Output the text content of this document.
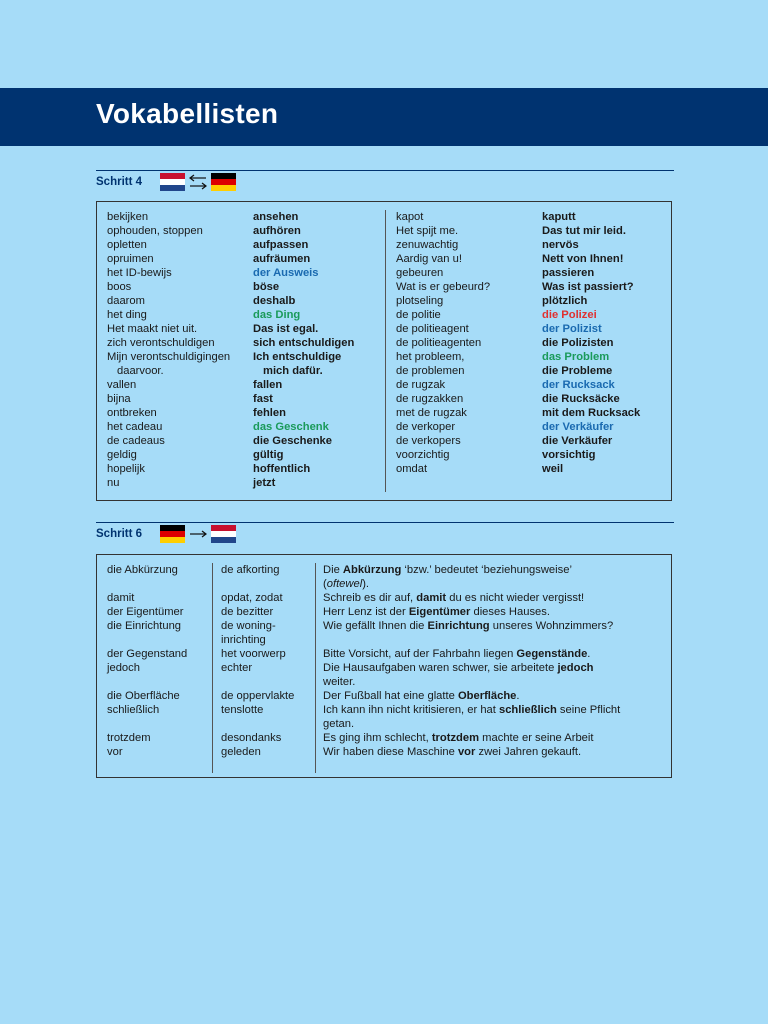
Vokabellisten
Schritt 4
bekijken
ophouden, stoppen
opletten
opruimen
het ID-bewijs
boos
daarom
het ding
Het maakt niet uit.
zich verontschuldigen
Mijn verontschuldigingen
daarvoor.
vallen
bijna
ontbreken
het cadeau
de cadeaus
geldig
hopelijk
nu
ansehen
aufhören
aufpassen
aufräumen
der Ausweis
böse
deshalb
das Ding
Das ist egal.
sich entschuldigen
Ich entschuldige
mich dafür.
fallen
fast
fehlen
das Geschenk
die Geschenke
gültig
hoffentlich
jetzt
kapot
Het spijt me.
zenuwachtig
Aardig van u!
gebeuren
Wat is er gebeurd?
plotseling
de politie
de politieagent
de politieagenten
het probleem,
de problemen
de rugzak
de rugzakken
met de rugzak
de verkoper
de verkopers
voorzichtig
omdat
kaputt
Das tut mir leid.
nervös
Nett von Ihnen!
passieren
Was ist passiert?
plötzlich
die Polizei
der Polizist
die Polizisten
das Problem
die Probleme
der Rucksack
die Rucksäcke
mit dem Rucksack
der Verkäufer
die Verkäufer
vorsichtig
weil
Schritt 6
die Abkürzung

damit
der Eigentümer
die Einrichtung

der Gegenstand
jedoch

die Oberfläche
schließlich

trotzdem
vor
de afkorting

opdat, zodat
de bezitter
de woning-
inrichting
het voorwerp
echter

de oppervlakte
tenslotte

desondanks
geleden
Die Abkürzung ‘bzw.’ bedeutet ‘beziehungsweise’
(oftewel).
Schreib es dir auf, damit du es nicht wieder vergisst!
Herr Lenz ist der Eigentümer dieses Hauses.
Wie gefällt Ihnen die Einrichtung unseres Wohnzimmers?

Bitte Vorsicht, auf der Fahrbahn liegen Gegenstände.
Die Hausaufgaben waren schwer, sie arbeitete jedoch
weiter.
Der Fußball hat eine glatte Oberfläche.
Ich kann ihn nicht kritisieren, er hat schließlich seine Pflicht
getan.
Es ging ihm schlecht, trotzdem machte er seine Arbeit
Wir haben diese Maschine vor zwei Jahren gekauft.
